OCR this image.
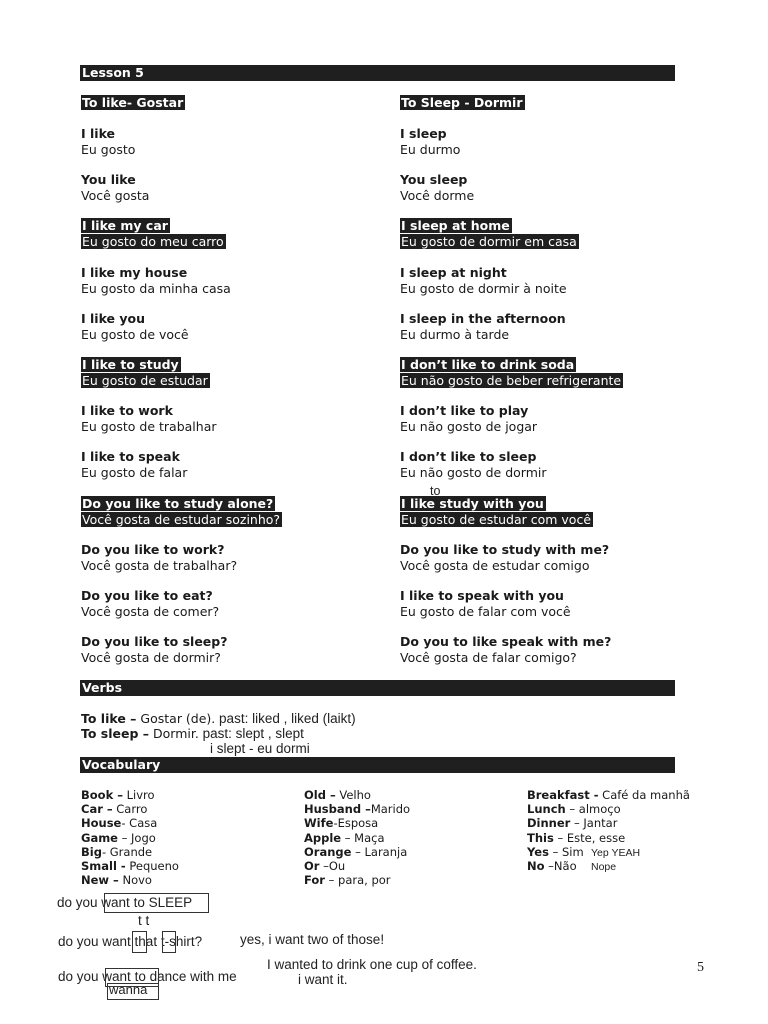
Lesson 5
To like- Gostar	To Sleep - Dormir
I like
Eu gosto
You like
Você gosta
I like my car
Eu gosto do meu carro
I like my house
Eu gosto da minha casa
I like you
Eu gosto de você
I like to study
Eu gosto de estudar
I like to work
Eu gosto de trabalhar
I like to speak
Eu gosto de falar
Do you like to study alone?
Você gosta de estudar sozinho?
Do you like to work?
Você gosta de trabalhar?
Do you like to eat?
Você gosta de comer?
Do you like to sleep?
Você gosta de dormir?
I sleep
Eu durmo
You sleep
Você dorme
I sleep at home
Eu gosto de dormir em casa
I sleep at night
Eu gosto de dormir à noite
I sleep in the afternoon
Eu durmo à tarde
I don’t like to drink soda
Eu não gosto de beber refrigerante
I don’t like to play
Eu não gosto de jogar
I don’t like to sleep
Eu não gosto de dormir
I like study with you
Eu gosto de estudar com você
Do you like to study with me?
Você gosta de estudar comigo
I like to speak with you
Eu gosto de falar com você
Do you to like speak with me?
Você gosta de falar comigo?
to
Verbs
To like – Gostar (de). past: liked , liked (laikt)
To sleep – Dormir. past: slept , slept
i slept - eu dormi
Vocabulary
Book – Livro
Car – Carro
House- Casa
Game – Jogo
Big- Grande
Small - Pequeno
New – Novo
Old – Velho
Husband –Marido
Wife-Esposa
Apple – Maça
Orange – Laranja
Or –Ou
For – para, por
Breakfast - Café da manhã
Lunch – almoço
Dinner – Jantar
This – Este, esse
Yes – Sim
No –Não
Yep YEAH
Nope
do you want to SLEEP
t t
do you want that t-shirt?	yes, i want two of those!
I wanted to drink one cup of coffee.
do you want to dance with me
wanna
i want it.
5
